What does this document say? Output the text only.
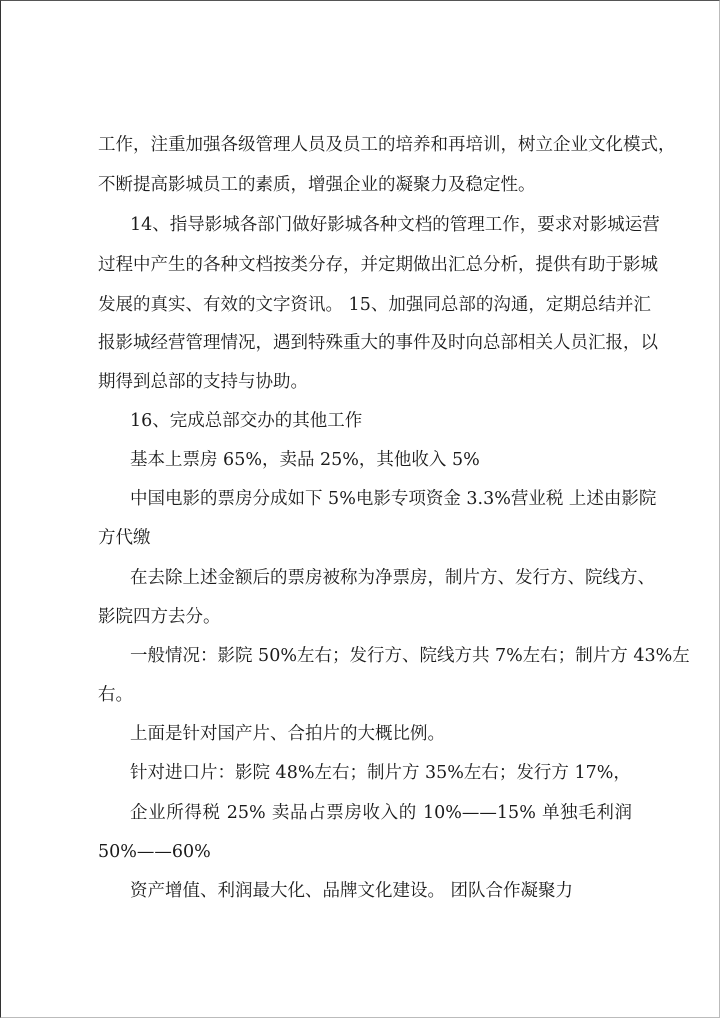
工作，注重加强各级管理人员及员工的培养和再培训，树立企业文化模式，
不断提高影城员工的素质，增强企业的凝聚力及稳定性。
14、指导影城各部门做好影城各种文档的管理工作，要求对影城运营
过程中产生的各种文档按类分存，并定期做出汇总分析，提供有助于影城
发展的真实、有效的文字资讯。 15、加强同总部的沟通，定期总结并汇
报影城经营管理情况，遇到特殊重大的事件及时向总部相关人员汇报，以
期得到总部的支持与协助。
16、完成总部交办的其他工作
基本上票房 65%，卖品 25%，其他收入 5%
中国电影的票房分成如下 5%电影专项资金 3.3%营业税 上述由影院
方代缴
在去除上述金额后的票房被称为净票房，制片方、发行方、院线方、
影院四方去分。
一般情况：影院 50%左右；发行方、院线方共 7%左右；制片方 43%左
右。
上面是针对国产片、合拍片的大概比例。
针对进口片：影院 48%左右；制片方 35%左右；发行方 17%，
企业所得税 25% 卖品占票房收入的 10%——15% 单独毛利润
50%——60%
资产增值、利润最大化、品牌文化建设。 团队合作凝聚力
